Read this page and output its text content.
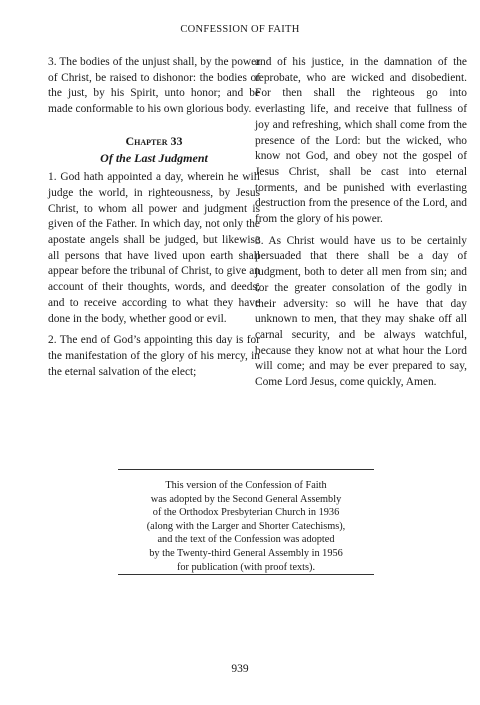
CONFESSION OF FAITH

3. The bodies of the unjust shall, by the power of Christ, be raised to dishonor: the bodies of the just, by his Spirit, unto honor; and be made conformable to his own glorious body.

Chapter 33
Of the Last Judgment

1. God hath appointed a day, wherein he will judge the world, in righteousness, by Jesus Christ, to whom all power and judgment is given of the Father. In which day, not only the apostate angels shall be judged, but likewise all persons that have lived upon earth shall appear before the tribunal of Christ, to give an account of their thoughts, words, and deeds; and to receive according to what they have done in the body, whether good or evil.

2. The end of God’s appointing this day is for the manifestation of the glory of his mercy, in the eternal salvation of the elect;

and of his justice, in the damnation of the reprobate, who are wicked and disobedient. For then shall the righteous go into everlasting life, and receive that fullness of joy and refreshing, which shall come from the presence of the Lord: but the wicked, who know not God, and obey not the gospel of Jesus Christ, shall be cast into eternal torments, and be punished with everlasting destruction from the presence of the Lord, and from the glory of his power.

3. As Christ would have us to be certainly persuaded that there shall be a day of judgment, both to deter all men from sin; and for the greater consolation of the godly in their adversity: so will he have that day unknown to men, that they may shake off all carnal security, and be always watchful, because they know not at what hour the Lord will come; and may be ever prepared to say, Come Lord Jesus, come quickly, Amen.

This version of the Confession of Faith
was adopted by the Second General Assembly
of the Orthodox Presbyterian Church in 1936
(along with the Larger and Shorter Catechisms),
and the text of the Confession was adopted
by the Twenty-third General Assembly in 1956
for publication (with proof texts).
939
